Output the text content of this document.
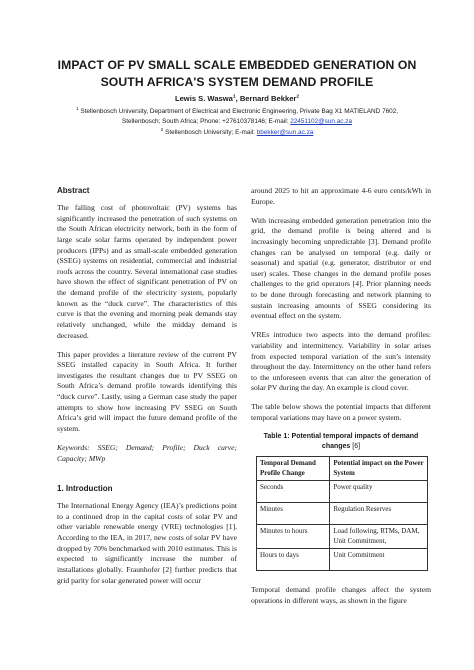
IMPACT OF PV SMALL SCALE EMBEDDED GENERATION ON SOUTH AFRICA'S SYSTEM DEMAND PROFILE
Lewis S. Waswa$^1$, Bernard Bekker$^2$
$^1$ Stellenbosch University, Department of Electrical and Electronic Engineering, Private Bag X1 MATIELAND 7602, Stellenbosch; South Africa; Phone: +27610378146; E-mail: 22451102@sun.ac.za
$^2$ Stellenbosch University; E-mail: bbekker@sun.ac.za
Abstract

The falling cost of photovoltaic (PV) systems has significantly increased the penetration of such systems on the South African electricity network, both in the form of large scale solar farms operated by independent power producers (IPPs) and as small-scale embedded generation (SSEG) systems on residential, commercial and industrial roofs across the country. Several international case studies have shown the effect of significant penetration of PV on the demand profile of the electricity system, popularly known as the “duck curve”. The characteristics of this curve is that the evening and morning peak demands stay relatively unchanged, while the midday demand is decreased.

This paper provides a literature review of the current PV SSEG installed capacity in South Africa. It further investigates the resultant changes due to PV SSEG on South Africa’s demand profile towards identifying this “duck curve”. Lastly, using a German case study the paper attempts to show how increasing PV SSEG on South Africa’s grid will impact the future demand profile of the system.

Keywords: SSEG; Demand; Profile; Duck curve; Capacity; MWp

1. Introduction

The International Energy Agency (IEA)’s predictions point to a continued drop in the capital costs of solar PV and other variable renewable energy (VRE) technologies [1]. According to the IEA, in 2017, new costs of solar PV have dropped by 70% benchmarked with 2010 estimates. This is expected to significantly increase the number of installations globally. Fraunhofer [2] further predicts that grid parity for solar generated power will occur

around 2025 to hit an approximate 4-6 euro cents/kWh in Europe.

With increasing embedded generation penetration into the grid, the demand profile is being altered and is increasingly becoming unpredictable [3]. Demand profile changes can be analysed on temporal (e.g. daily or seasonal) and spatial (e.g. generator, distributor or end user) scales. These changes in the demand profile poses challenges to the grid operators [4]. Prior planning needs to be done through forecasting and network planning to sustain increasing amounts of SSEG considering its eventual effect on the system.

VREs introduce two aspects into the demand profiles: variability and intermittency. Variability in solar arises from expected temporal variation of the sun’s intensity throughout the day. Intermittency on the other hand refers to the unforeseen events that can alter the generation of solar PV during the day. An example is cloud cover.

The table below shows the potential impacts that different temporal variations may have on a power system.

Table 1: Potential temporal impacts of demand changes [6]
Temporal Demand Profile Change	Potential impact on the Power System
Seconds	Power quality
Minutes	Regulation Reserves
Minutes to hours	Load following, RTMs, DAM, Unit Commitment,
Hours to days	Unit Commitment

Temporal demand profile changes affect the system operations in different ways, as shown in the figure
